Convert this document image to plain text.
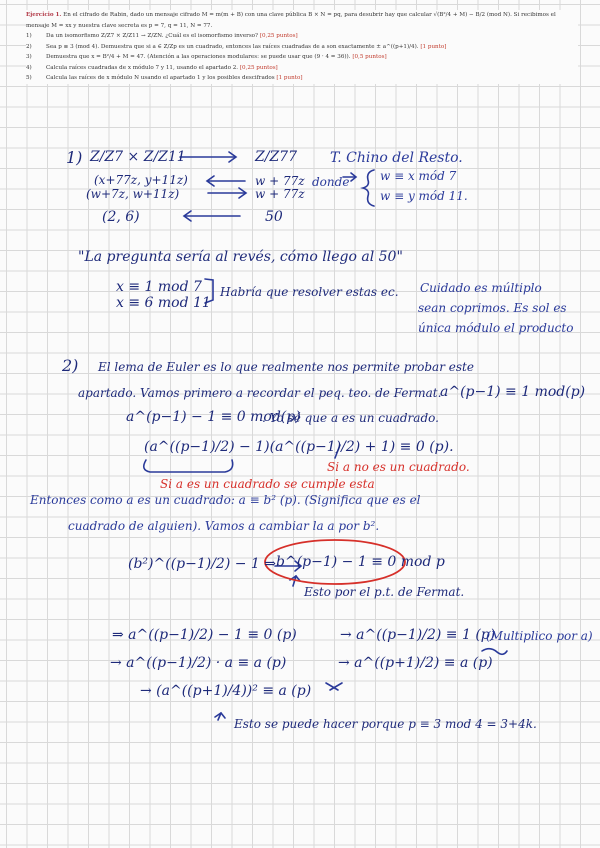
Ejercicio 1. En el cifrado de Rabin, dado un mensaje cifrado M = m(m + B) con una clave pública B × N = pq, para desubrir hay que calcular √(B²/4 + M) − B/2 (mod N). Si recibimos el mensaje M = xx y nuestra clave secreta es p = 7, q = 11, N = 77.

1)	Da un isomorfismo Z/Z7 × Z/Z11 → Z/ZN. ¿Cuál es el isomorfismo inverso? [0,25 puntos]
2)	Sea p ≡ 3 (mod 4). Demuestra que si a ∈ Z/Zp es un cuadrado, entonces las raíces cuadradas de a son exactamente ± a^((p+1)/4). [1 punto]
3)	Demuestra que x = B²/4 + M = 47. (Atención a las operaciones modulares: se puede usar que (9 · 4 = 36)). [0,5 puntos]
4)	Calcula raíces cuadradas de x módulo 7 y 11, usando el apartado 2. [0,25 puntos]
5)	Calcula las raíces de x módulo N usando el apartado 1 y los posibles descifrados [1 punto]
1) Z/Z7 × Z/Z11	Z/Z77 T. Chino del Resto.
(x+77z, y+11z)	w + 77z donde	w ≡ x mód 7
w ≡ y mód 11.
(w+7z, w+11z)	w + 77z
(2, 6)	50
"La pregunta sería al revés, cómo llego al 50"
x ≡ 1 mod 7
x ≡ 6 mod 11
Habría que resolver estas ec. Cuidado es múltiplo
sean coprimos. Es sol es
única módulo el producto
2) El lema de Euler es lo que realmente nos permite probar este
apartado. Vamos primero a recordar el peq. teo. de Fermat.
a^(p−1) ≡ 1 mod(p)
a^(p−1) − 1 ≡ 0 mod(p)
. Yo sé que a es un cuadrado.
(a^((p−1)/2) − 1)(a^((p−1)/2) + 1) ≡ 0 (p).
Si a no es un cuadrado.
Si a es un cuadrado se cumple esta
Entonces como a es un cuadrado: a ≡ b² (p). (Significa que es el
cuadrado de alguien). Vamos a cambiar la a por b².
(b²)^((p−1)/2) − 1 ⇒ b^(p−1) − 1 ≡ 0 mod p
Esto por el p.t. de Fermat.
⇒ a^((p−1)/2) − 1 ≡ 0 (p)	→ a^((p−1)/2) ≡ 1 (p)
(Multiplico por a)
→ a^((p−1)/2) · a ≡ a (p)	→ a^((p+1)/2) ≡ a (p)
→ (a^((p+1)/4))² ≡ a (p)
Esto se puede hacer porque p ≡ 3 mod 4 = 3+4k.
